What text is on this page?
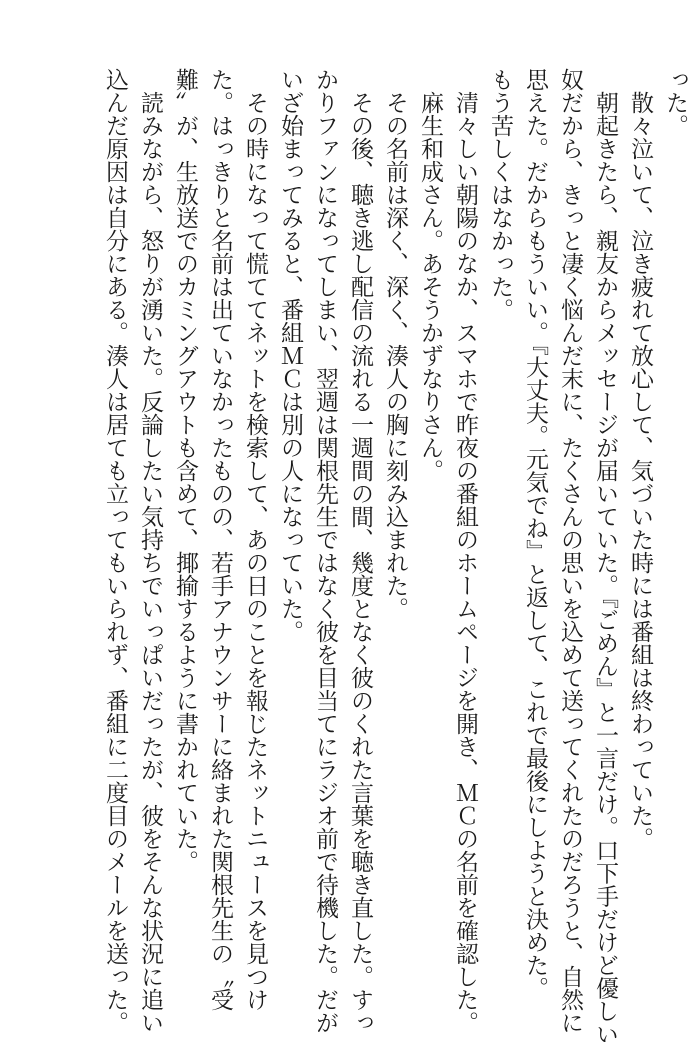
った。

　散々泣いて、泣き疲れて放心して、気づいた時には番組は終わっていた。

　朝起きたら、親友からメッセージが届いていた。『ごめん』と一言だけ。口下手だけど優しい

奴だから、きっと凄く悩んだ末に、たくさんの思いを込めて送ってくれたのだろうと、自然に

思えた。だからもういい。『大丈夫。元気でね』と返して、これで最後にしようと決めた。

もう苦しくはなかった。

　清々しい朝陽のなか、スマホで昨夜の番組のホームページを開き、ＭＣの名前を確認した。

　麻生和成さん。あそうかずなりさん。

　その名前は深く、深く、湊人の胸に刻み込まれた。

　その後、聴き逃し配信の流れる一週間の間、幾度となく彼のくれた言葉を聴き直した。すっ

かりファンになってしまい、翌週は関根先生ではなく彼を目当てにラジオ前で待機した。だが

いざ始まってみると、番組ＭＣは別の人になっていた。

　その時になって慌ててネットを検索して、あの日のことを報じたネットニュースを見つけ

た。はっきりと名前は出ていなかったものの、若手アナウンサーに絡まれた関根先生の〝受

難〟が、生放送でのカミングアウトも含めて、揶揄するように書かれていた。

　読みながら、怒りが湧いた。反論したい気持ちでいっぱいだったが、彼をそんな状況に追い

込んだ原因は自分にある。湊人は居ても立ってもいられず、番組に二度目のメールを送った。
